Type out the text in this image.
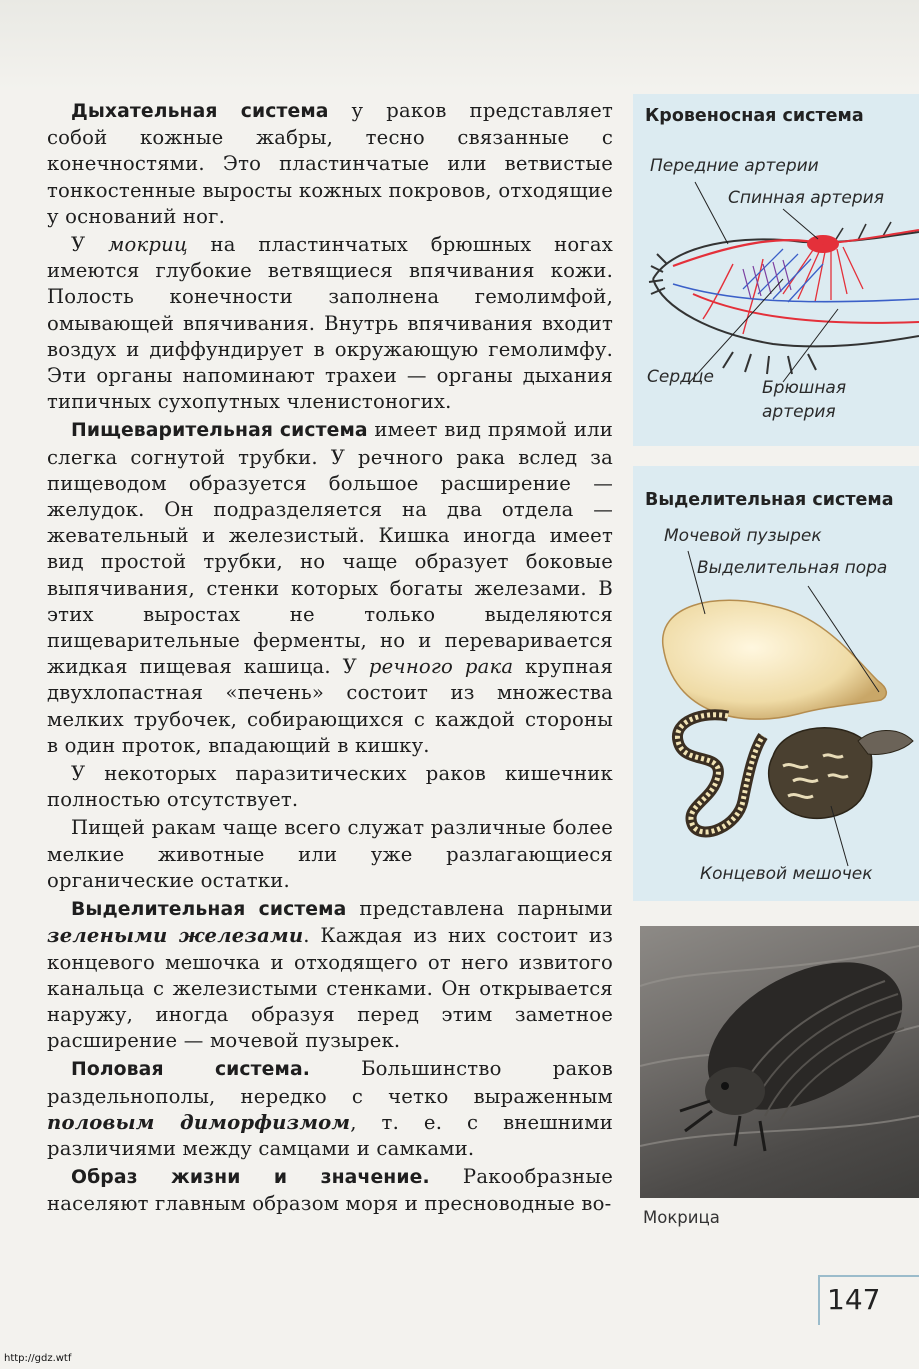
Дыхательная система у раков представляет собой кожные жабры, тесно связанные с конечностями. Это пластинчатые или ветвистые тонкостенные выросты кожных покровов, отходящие у оснований ног.

У мокриц на пластинчатых брюшных ногах имеются глубокие ветвящиеся впячивания кожи. Полость конечности заполнена гемолимфой, омывающей впячивания. Внутрь впячивания входит воздух и диффундирует в окружающую гемолимфу. Эти органы напоминают трахеи — органы дыхания типичных сухопутных членистоногих.

Пищеварительная система имеет вид прямой или слегка согнутой трубки. У речного рака вслед за пищеводом образуется большое расширение — желудок. Он подразделяется на два отдела — жевательный и железистый. Кишка иногда имеет вид простой трубки, но чаще образует боковые выпячивания, стенки которых богаты железами. В этих выростах не только выделяются пищеварительные ферменты, но и переваривается жидкая пищевая кашица. У речного рака крупная двухлопастная «печень» состоит из множества мелких трубочек, собирающихся с каждой стороны в один проток, впадающий в кишку.

У некоторых паразитических раков кишечник полностью отсутствует.

Пищей ракам чаще всего служат различные более мелкие животные или уже разлагающиеся органические остатки.

Выделительная система представлена парными зелеными железами. Каждая из них состоит из концевого мешочка и отходящего от него извитого канальца с железистыми стенками. Он открывается наружу, иногда образуя перед этим заметное расширение — мочевой пузырек.

Половая система. Большинство раков раздельнополы, нередко с четко выраженным половым диморфизмом, т. е. с внешними различиями между самцами и самками.

Образ жизни и значение. Ракообразные населяют главным образом моря и пресноводные во-

Кровеносная система
Передние артерии
Спинная артерия
Сердце
Брюшная
артерия
Выделительная система
Мочевой пузырек
Выделительная пора
Концевой мешочек
Мокрица
147
http://gdz.wtf
